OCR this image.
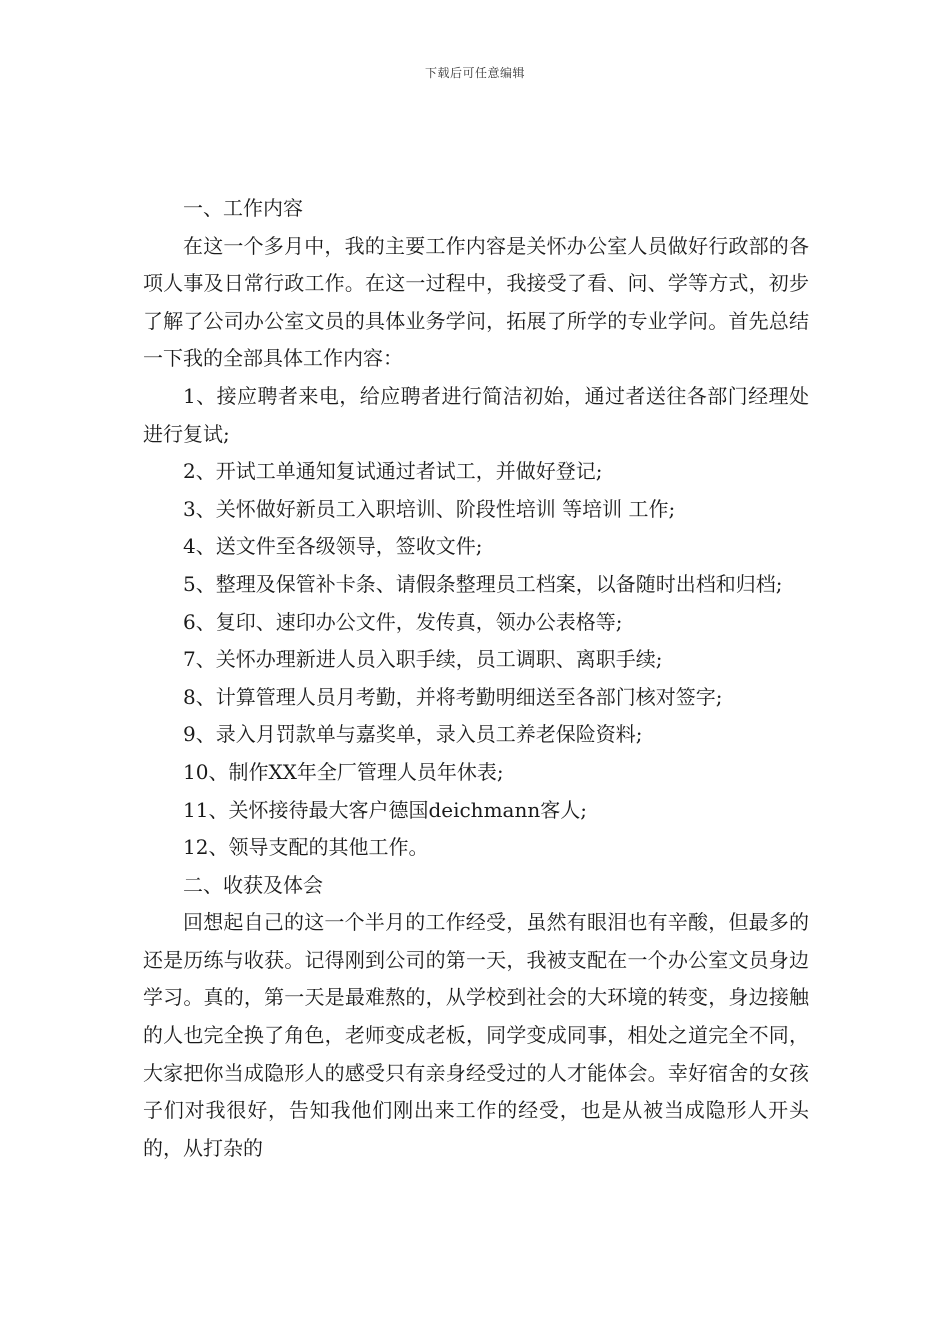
下载后可任意编辑

一、工作内容

在这一个多月中，我的主要工作内容是关怀办公室人员做好行政部的各项人事及日常行政工作。在这一过程中，我接受了看、问、学等方式，初步了解了公司办公室文员的具体业务学问，拓展了所学的专业学问。首先总结一下我的全部具体工作内容：

1、接应聘者来电，给应聘者进行简洁初始，通过者送往各部门经理处进行复试;

2、开试工单通知复试通过者试工，并做好登记;

3、关怀做好新员工入职培训、阶段性培训 等培训 工作;

4、送文件至各级领导，签收文件;

5、整理及保管补卡条、请假条整理员工档案，以备随时出档和归档;

6、复印、速印办公文件，发传真，领办公表格等;

7、关怀办理新进人员入职手续，员工调职、离职手续;

8、计算管理人员月考勤，并将考勤明细送至各部门核对签字;

9、录入月罚款单与嘉奖单，录入员工养老保险资料;

10、制作XX年全厂管理人员年休表;

11、关怀接待最大客户德国deichmann客人;

12、领导支配的其他工作。

二、收获及体会

回想起自己的这一个半月的工作经受，虽然有眼泪也有辛酸，但最多的还是历练与收获。记得刚到公司的第一天，我被支配在一个办公室文员身边学习。真的，第一天是最难熬的，从学校到社会的大环境的转变，身边接触的人也完全换了角色，老师变成老板，同学变成同事，相处之道完全不同，大家把你当成隐形人的感受只有亲身经受过的人才能体会。幸好宿舍的女孩子们对我很好，告知我他们刚出来工作的经受，也是从被当成隐形人开头的，从打杂的
